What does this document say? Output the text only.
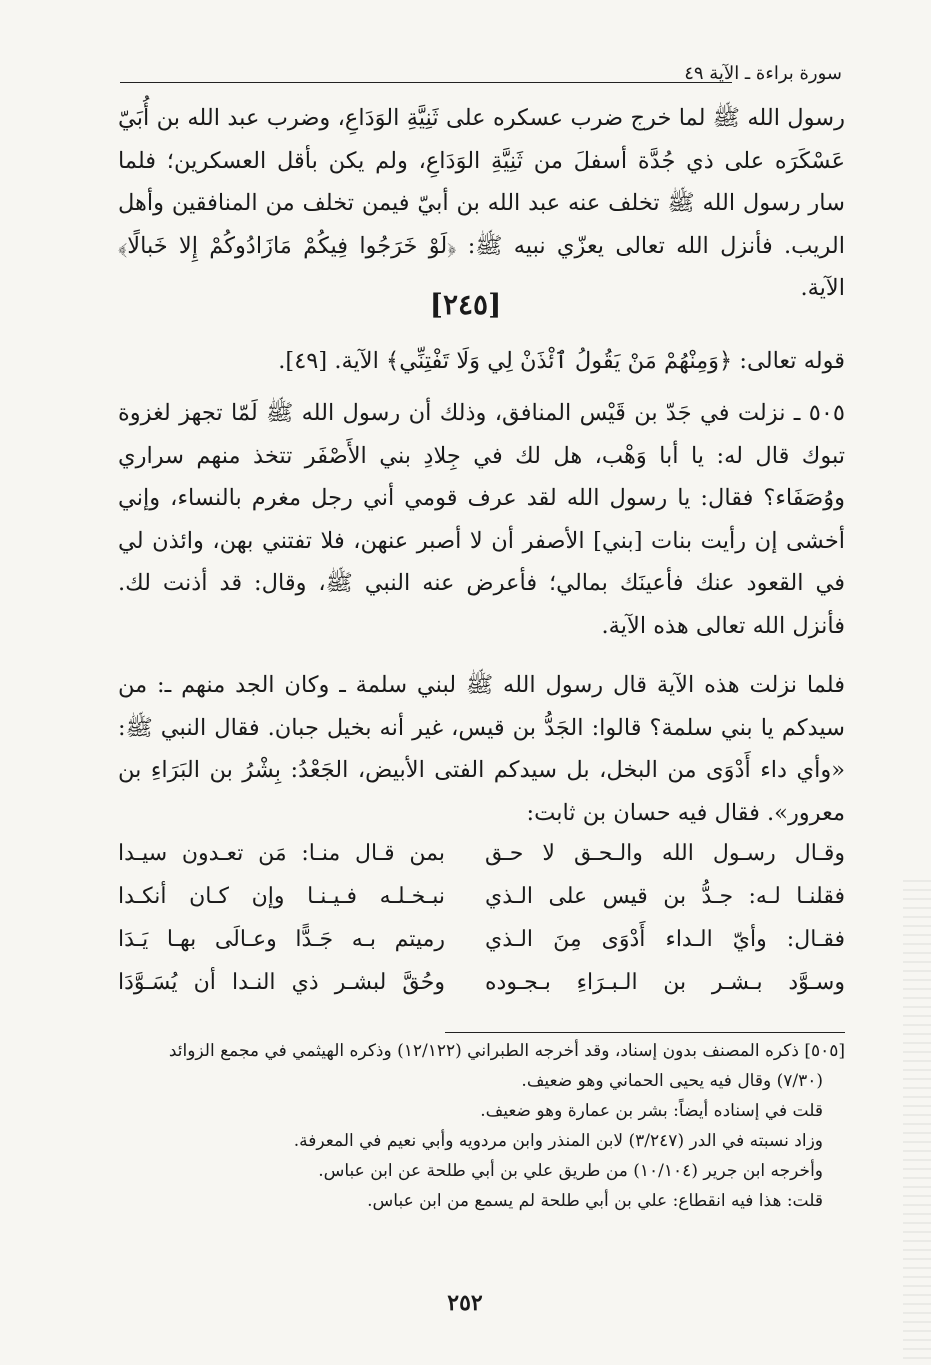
سورة براءة ـ الآية ٤٩
رسول الله ﷺ لما خرج ضرب عسكره على ثَنِيَّةِ الوَدَاعِ، وضرب عبد الله بن أُبَيّ عَسْكَرَه على ذي جُدَّة أسفلَ من ثَنِيَّةِ الوَدَاعِ، ولم يكن بأقل العسكرين؛ فلما سار رسول الله ﷺ تخلف عنه عبد الله بن أبيّ فيمن تخلف من المنافقين وأهل الريب. فأنزل الله تعالى يعزّي نبيه ﷺ: ﴿لَوْ خَرَجُوا فِيكُمْ مَازَادُوكُمْ إِلا خَبالًا﴾ الآية.
[٢٤٥]
قوله تعالى: ﴿وَمِنْهُمْ مَنْ يَقُولُ ٱئْذَنْ لِي وَلَا تَفْتِنِّي﴾ الآية. [٤٩].
٥٠٥ ـ نزلت في جَدّ بن قَيْس المنافق، وذلك أن رسول الله ﷺ لَمّا تجهز لغزوة تبوك قال له: يا أبا وَهْب، هل لك في جِلادِ بني الأَصْفَر تتخذ منهم سراري ووُصَفَاء؟ فقال: يا رسول الله لقد عرف قومي أني رجل مغرم بالنساء، وإني أخشى إن رأيت بنات [بني] الأصفر أن لا أصبر عنهن، فلا تفتني بهن، وائذن لي في القعود عنك فأعينَك بمالي؛ فأعرض عنه النبي ﷺ، وقال: قد أذنت لك. فأنزل الله تعالى هذه الآية.
فلما نزلت هذه الآية قال رسول الله ﷺ لبني سلمة ـ وكان الجد منهم ـ: من سيدكم يا بني سلمة؟ قالوا: الجَدُّ بن قيس، غير أنه بخيل جبان. فقال النبي ﷺ: «وأي داء أَدْوَى من البخل، بل سيدكم الفتى الأبيض، الجَعْدُ: بِشْرُ بن البَرَاءِ بن معرور». فقال فيه حسان بن ثابت:
وقـال رسـول الله والـحـق لا حـق
بمن قـال منـا: مَن تعـدون سيـدا
فقلنـا لـه: جـدُّ بن قيس على الـذي
نبـخـلـه فـيـنـا وإن كـان أنكـدا
فقـال: وأيّ الـداء أَدْوَى مِنَ الـذي
رميتم بـه جَـدًّا وعـالَى بهـا يَـدَا
وسـوَّد بـشـر بن الـبـرَاءِ بـجـوده
وحُقَّ لبشـر ذي النـدا أن يُسَـوَّدَا

[٥٠٥] ذكره المصنف بدون إسناد، وقد أخرجه الطبراني (١٢/١٢٢) وذكره الهيثمي في مجمع الزوائد

(٧/٣٠) وقال فيه يحيى الحماني وهو ضعيف.

قلت في إسناده أيضاً: بشر بن عمارة وهو ضعيف.

وزاد نسبته في الدر (٣/٢٤٧) لابن المنذر وابن مردويه وأبي نعيم في المعرفة.

وأخرجه ابن جرير (١٠/١٠٤) من طريق علي بن أبي طلحة عن ابن عباس.

قلت: هذا فيه انقطاع: علي بن أبي طلحة لم يسمع من ابن عباس.

٢٥٢
